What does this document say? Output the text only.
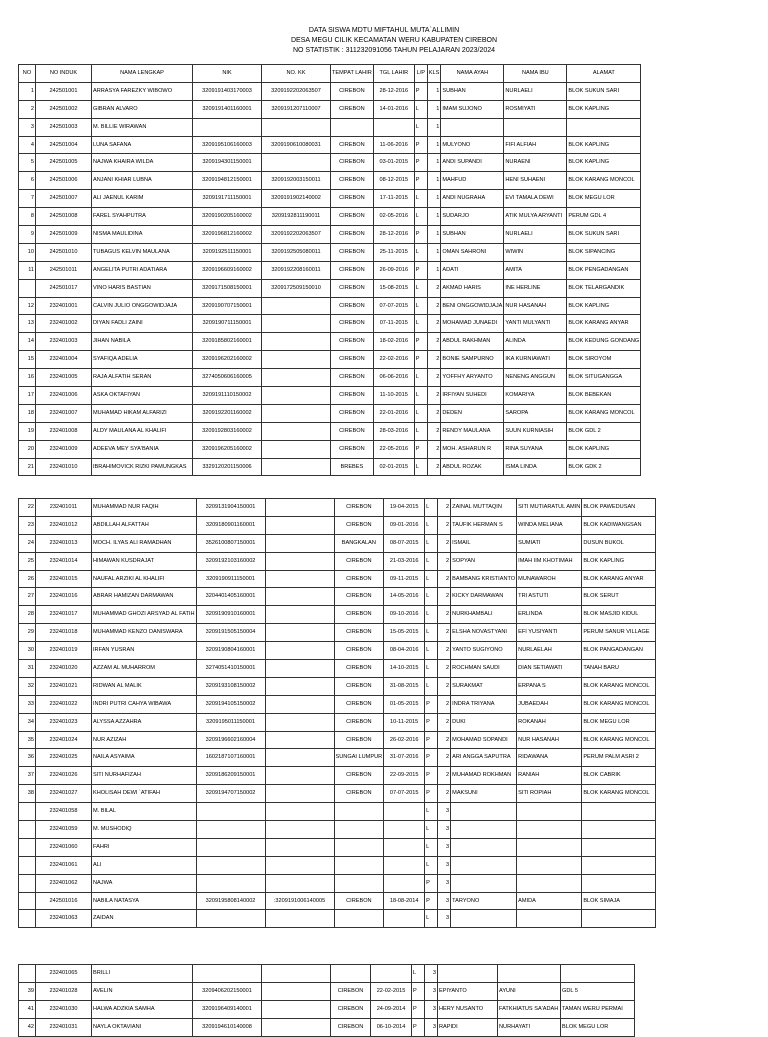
DATA SISWA MDTU MIFTAHUL MUTA`ALLIMIN
DESA MEGU CILIK KECAMATAN WERU KABUPATEN CIREBON
NO STATISTIK : 311232091056 TAHUN PELAJARAN 2023/2024
NO	NO INDUK	NAMA LENGKAP	NIK	NO. KK	TEMPAT LAHIR	TGL LAHIR	L/P	KLS	NAMA AYAH	NAMA IBU	ALAMAT
1	242501001	ARRASYA FAREZKY WIBOWO	3209191403170003	3209192202063507	CIREBON	28-12-2016	P	1	SUBHAN	NURLAELI	BLOK SUKUN SARI
2	242501002	GIBRAN ALVARO	3209191401160001	3209191207110007	CIREBON	14-01-2016	L	1	IMAM SUJONO	ROSMIYATI	BLOK KAPLING
3	242501003	M. BILLIE WIRAWAN					L	1			
4	242501004	LUNA SAFANA	3209195106160003	3209190610080031	CIREBON	11-06-2016	P	1	MULYONO	FIFI ALFIAH	BLOK KAPLING
5	242501005	NAJWA KHAIRA WILDA	3209194301150001		CIREBON	03-01-2015	P	1	ANDI SUPANDI	NURAENI	BLOK KAPLING
6	242501006	ANJANI KHIAR LUBNA	3209194812150001	3209192003150011	CIREBON	08-12-2015	P	1	MAHFUD	HENI SUHAENI	BLOK KARANG MONCOL
7	242501007	ALI JAENUL KARIM	3209191711150001	3209191902140002	CIREBON	17-11-2015	L	1	ANDI NUGRAHA	EVI TAMALA DEWI	BLOK MEGU LOR
8	242501008	FAREL SYAHPUTRA	3209190205160002	3209192811190011	CIREBON	02-05-2016	L	1	SUDARJO	ATIK MULYA ARYANTI	PERUM GDL 4
9	242501009	NISMA MAULIDINA	3209196812160002	3209192202063507	CIREBON	28-12-2016	P	1	SUBHAN	NURLAELI	BLOK SUKUN SARI
10	242501010	TUBAGUS KELVIN MAULANA	3209192511150001	3209192505080011	CIREBON	25-11-2015	L	1	OMAN SAHRONI	WIWIN	BLOK SIPANCING
11	242501011	ANGELITA PUTRI ADATIARA	3209196609160002	3209192208160011	CIREBON	26-09-2016	P	1	ADATI	AMITA	BLOK PENGADANGAN
	242501017	VINO HARIS BASTIAN	3209171508150001	3209172509150010	CIREBON	15-08-2015	L	2	AKMAD HARIS	INE HERLINE	BLOK TELARGANDIK
12	232401001	CALVIN JULIO ONGGOWIDJAJA	3209190707150001		CIREBON	07-07-2015	L	2	BENI ONGGOWIDJAJA	NUR HASANAH	BLOK KAPLING
13	232401002	DIYAN FADLI ZAINI	3209190711150001		CIREBON	07-11-2015	L	2	MOHAMAD JUNAEDI	YANTI MULYANTI	BLOK KARANG ANYAR
14	232401003	JIHAN NABILA	3209185802160001		CIREBON	18-02-2016	P	2	ABDUL RAKHMAN	ALINDA	BLOK KEDUNG GONDANG
15	232401004	SYAFIQA ADELIA	3209196202160002		CIREBON	22-02-2016	P	2	BONIE SAMPURNO	IKA KURNIAWATI	BLOK SIROYOM
16	232401005	RAJA ALFATIH SERAN	3274050606160005		CIREBON	06-06-2016	L	2	YOFFHY ARYANTO	NENENG ANGGUN	BLOK SITUGANGGA
17	232401006	ASKA OKTAFIYAN	3209191110150002		CIREBON	11-10-2015	L	2	IRFIYAN SUHEDI	KOMARIYA	BLOK BEBEKAN
18	232401007	MUHAMAD HIKAM ALFARIZI	3209192201160002		CIREBON	22-01-2016	L	2	DEDEN	SAROPA	BLOK KARANG MONCOL
19	232401008	ALDY MAULANA AL KHALIFI	3209192803160002		CIREBON	28-03-2016	L	2	RENDY MAULANA	SUUN KURNIASIH	BLOK GDL 2
20	232401009	ADEEVA MEY SYA'BANIA	3209196205160002		CIREBON	22-05-2016	P	2	MOH. ASHARUN R	RINA SUYANA	BLOK KAPLING
21	232401010	IBRAHIMOVICK RIZKI PAMUNGKAS	3329120201150006		BREBES	02-01-2015	L	2	ABDUL ROZAK	ISMA LINDA	BLOK GDK 2
22	232401011	MUHAMMAD NUR FAQIH	3209131904150001		CIREBON	19-04-2015	L	2	ZAINAL MUTTAQIN	SITI MUTIARATUL AMIN	BLOK PAWEDUSAN
23	232401012	ABDILLAH ALFATTAH	3209180901160001		CIREBON	09-01-2016	L	2	TAUFIK HERMAN S	WINDA MELIANA	BLOK KADIWANGSAN
24	232401013	MOCH. ILYAS ALI RAMADHAN	3526100807150001		BANGKALAN	08-07-2015	L	2	ISMAIL	SUMIATI	DUSUN BUKOL
25	232401014	HIMAWAN KUSDRAJAT	3209192103160002		CIREBON	21-03-2016	L	2	SOPYAN	IMAH IIM KHOTIMAH	BLOK KAPLING
26	232401015	NAUFAL ARZIKI AL KHALIFI	3209190911150001		CIREBON	09-11-2015	L	2	BAMBANG KRISTIANTO	MUNAWAROH	BLOK KARANG ANYAR
27	232401016	ABRAR HAMIZAN DARMAWAN	3204401405160001		CIREBON	14-05-2016	L	2	KICKY DARMAWAN	TRI ASTUTI	BLOK SERUT
28	232401017	MUHAMMAD GHOZI ARSYAD AL FATIH	3209190910160001		CIREBON	09-10-2016	L	2	NURKHAMBALI	ERLINDA	BLOK MASJID KIDUL
29	232401018	MUHAMMAD KENZO DANISWARA	3209191505150004		CIREBON	15-05-2015	L	2	ELSHA NOVASTYANI	EFI YUSIYANTI	PERUM SANUR VILLAGE
30	232401019	IRFAN YUSRAN	3209190804160001		CIREBON	08-04-2016	L	2	YANTO SUGIYONO	NURLAELAH	BLOK PANGADANGAN
31	232401020	AZZAM AL MUHARROM	3274051410150001		CIREBON	14-10-2015	L	2	ROCHMAN SAUDI	DIAN SETIAWATI	TANAH BARU
32	232401021	RIDWAN AL MALIK	3209193108150002		CIREBON	31-08-2015	L	2	SURAKMAT	ERPANA S	BLOK KARANG MONCOL
33	232401022	INDRI PUTRI CAHYA WIBAWA	3209194105150002		CIREBON	01-05-2015	P	2	INDRA TRIYANA	JUBAEDAH	BLOK KARANG MONCOL
34	232401023	ALYSSA AZZAHRA	3209195011150001		CIREBON	10-11-2015	P	2	DUKI	ROKANAH	BLOK MEGU LOR
35	232401024	NUR AZIZAH	3209196602160004		CIREBON	26-02-2016	P	2	MOHAMAD SOPANDI	NUR HASANAH	BLOK KARANG MONCOL
36	232401025	NAILA ASYAIMA	1602187107160001		SUNGAI LUMPUR	31-07-2016	P	2	ARI ANGGA SAPUTRA	RIDAWANA	PERUM PALM ASRI 2
37	232401026	SITI NURHAFIZAH	3209186209150001		CIREBON	22-09-2015	P	2	MUHAMAD ROKHMAN	RANIAH	BLOK CABRIK
38	232401027	KHOLISAH DEWI `ATIFAH	3209194707150002		CIREBON	07-07-2015	P	2	MAKSUNI	SITI ROPIAH	BLOK KARANG MONCOL
	232401058	M. BILAL					L	3			
	232401059	M. MUSHODIQ					L	3			
	232401060	FAHRI					L	3			
	232401061	ALI					L	3			
	232401062	NAJWA					P	3			
	242501016	NABILA NATASYA	3209195808140002	:3209191006140005	CIREBON	18-08-2014	P	3	TARYONO	AMIDA	BLOK SIMAJA
	232401063	ZAIDAN					L	3			
	232401065	BRILLI					L	3			
39	232401028	AVELIN	3209406202150001		CIREBON	22-02-2015	P	3	EPIYANTO	AYUNI	GDL 5
41	232401030	HALWA ADZKIA SAMHA	3209196409140001		CIREBON	24-09-2014	P	3	HERY NUSANTO	FATKHIATUS SA'ADAH	TAMAN WERU PERMAI
42	232401031	NAYLA OKTAVIANI	3209194610140008		CIREBON	06-10-2014	P	3	RAPIDI	NURHAYATI	BLOK MEGU LOR
